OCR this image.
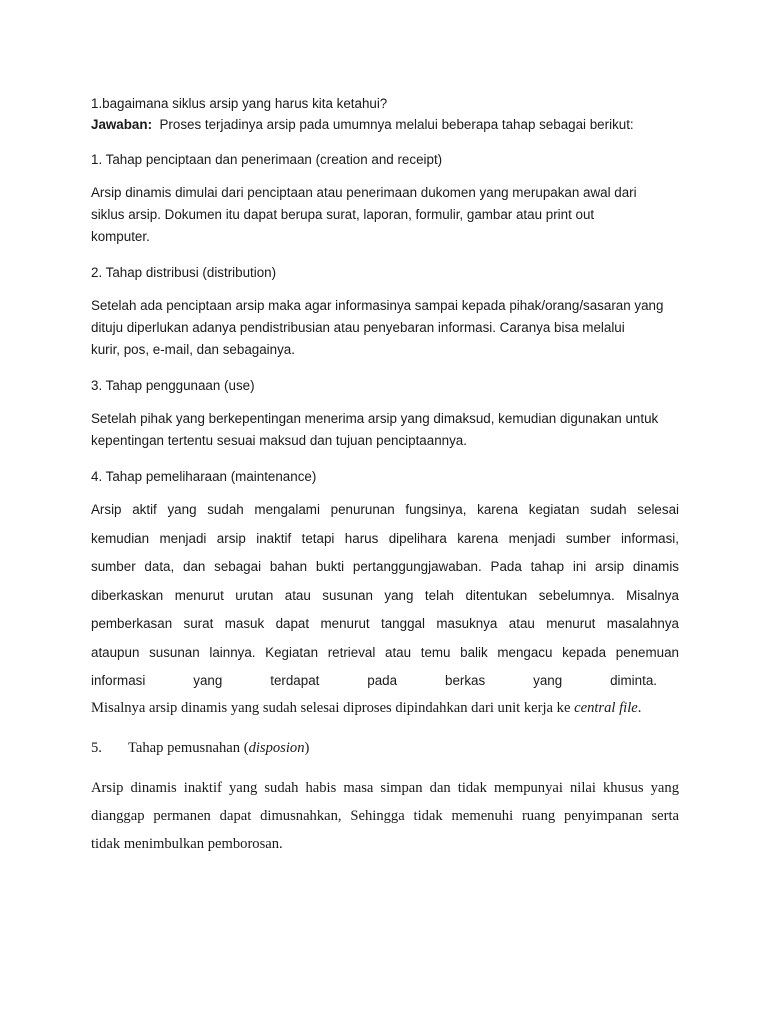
1.bagaimana siklus arsip yang harus kita ketahui?
Jawaban: Proses terjadinya arsip pada umumnya melalui beberapa tahap sebagai berikut:
1. Tahap penciptaan dan penerimaan (creation and receipt)
Arsip dinamis dimulai dari penciptaan atau penerimaan dukomen yang merupakan awal dari
siklus arsip. Dokumen itu dapat berupa surat, laporan, formulir, gambar atau print out
komputer.
2. Tahap distribusi (distribution)
Setelah ada penciptaan arsip maka agar informasinya sampai kepada pihak/orang/sasaran yang
dituju diperlukan adanya pendistribusian atau penyebaran informasi. Caranya bisa melalui
kurir, pos, e-mail, dan sebagainya.
3. Tahap penggunaan (use)
Setelah pihak yang berkepentingan menerima arsip yang dimaksud, kemudian digunakan untuk
kepentingan tertentu sesuai maksud dan tujuan penciptaannya.
4. Tahap pemeliharaan (maintenance)
Arsip aktif yang sudah mengalami penurunan fungsinya, karena kegiatan sudah selesai
kemudian menjadi arsip inaktif tetapi harus dipelihara karena menjadi sumber informasi,
sumber data, dan sebagai bahan bukti pertanggungjawaban. Pada tahap ini arsip dinamis
diberkaskan menurut urutan atau susunan yang telah ditentukan sebelumnya. Misalnya
pemberkasan surat masuk dapat menurut tanggal masuknya atau menurut masalahnya
ataupun susunan lainnya. Kegiatan retrieval atau temu balik mengacu kepada penemuan
informasi yang terdapat pada berkas yang diminta.
Misalnya arsip dinamis yang sudah selesai diproses dipindahkan dari unit kerja ke central file.
5. Tahap pemusnahan (disposion)
Arsip dinamis inaktif yang sudah habis masa simpan dan tidak mempunyai nilai khusus yang
dianggap permanen dapat dimusnahkan, Sehingga tidak memenuhi ruang penyimpanan serta
tidak menimbulkan pemborosan.
